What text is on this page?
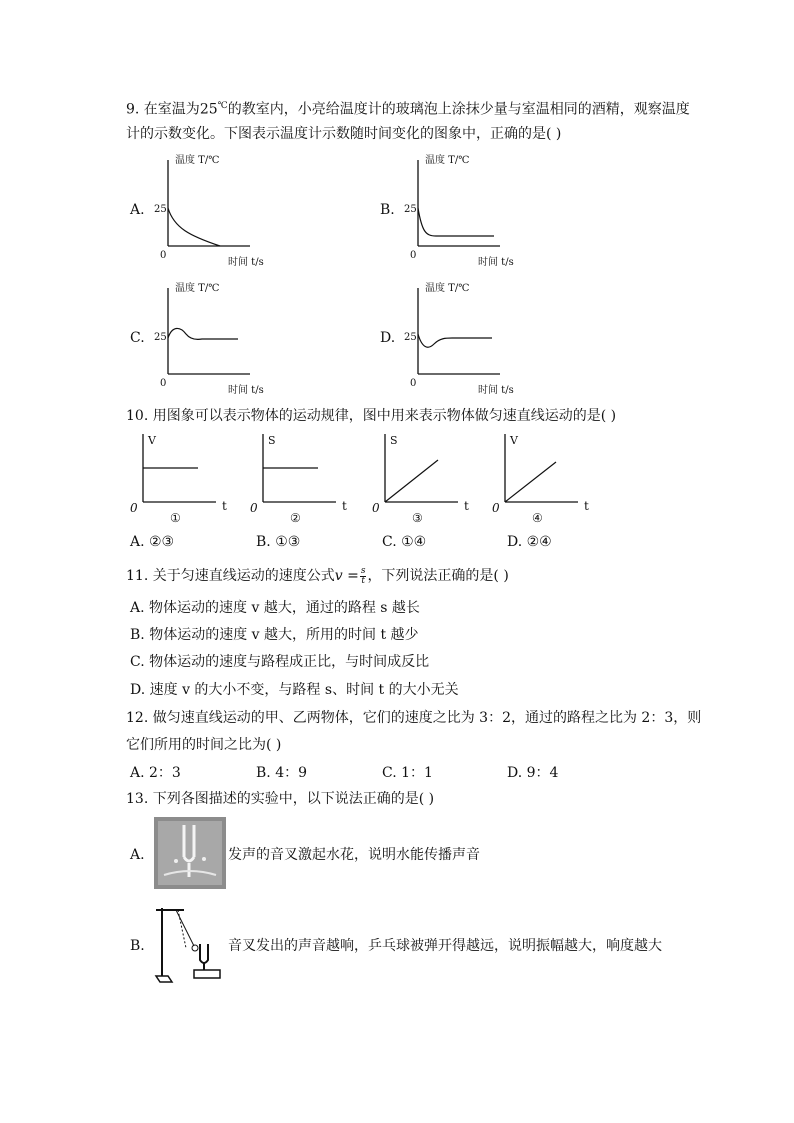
9. 在室温为25℃的教室内，小亮给温度计的玻璃泡上涂抹少量与室温相同的酒精，观察温度
计的示数变化。下图表示温度计示数随时间变化的图象中，正确的是( )
A.	B.
C.	D.
温度 T/℃
25
0
时间 t/s
温度 T/℃
25
0
时间 t/s
温度 T/℃
25
0
时间 t/s
温度 T/℃
25
0
时间 t/s
10. 用图象可以表示物体的运动规律，图中用来表示物体做匀速直线运动的是( )
V
0	t
①
S
0	t
②
S
0	t
③
V
0	t
④
A. ②③	B. ①③	C. ①④	D. ②④
11. 关于匀速直线运动的速度公式$v = \frac{s}{t}$ ，下列说法正确的是( )
A. 物体运动的速度 v 越大，通过的路程 s 越长
B. 物体运动的速度 v 越大，所用的时间 t 越少
C. 物体运动的速度与路程成正比，与时间成反比
D. 速度 v 的大小不变，与路程 s、时间 t 的大小无关
12. 做匀速直线运动的甲、乙两物体，它们的速度之比为 3：2，通过的路程之比为 2：3，则
它们所用的时间之比为( )
A. 2：3	B. 4：9	C. 1：1	D. 9：4
13. 下列各图描述的实验中，以下说法正确的是( )
A.	发声的音叉激起水花，说明水能传播声音
B.	音叉发出的声音越响，乒乓球被弹开得越远，说明振幅越大，响度越大
